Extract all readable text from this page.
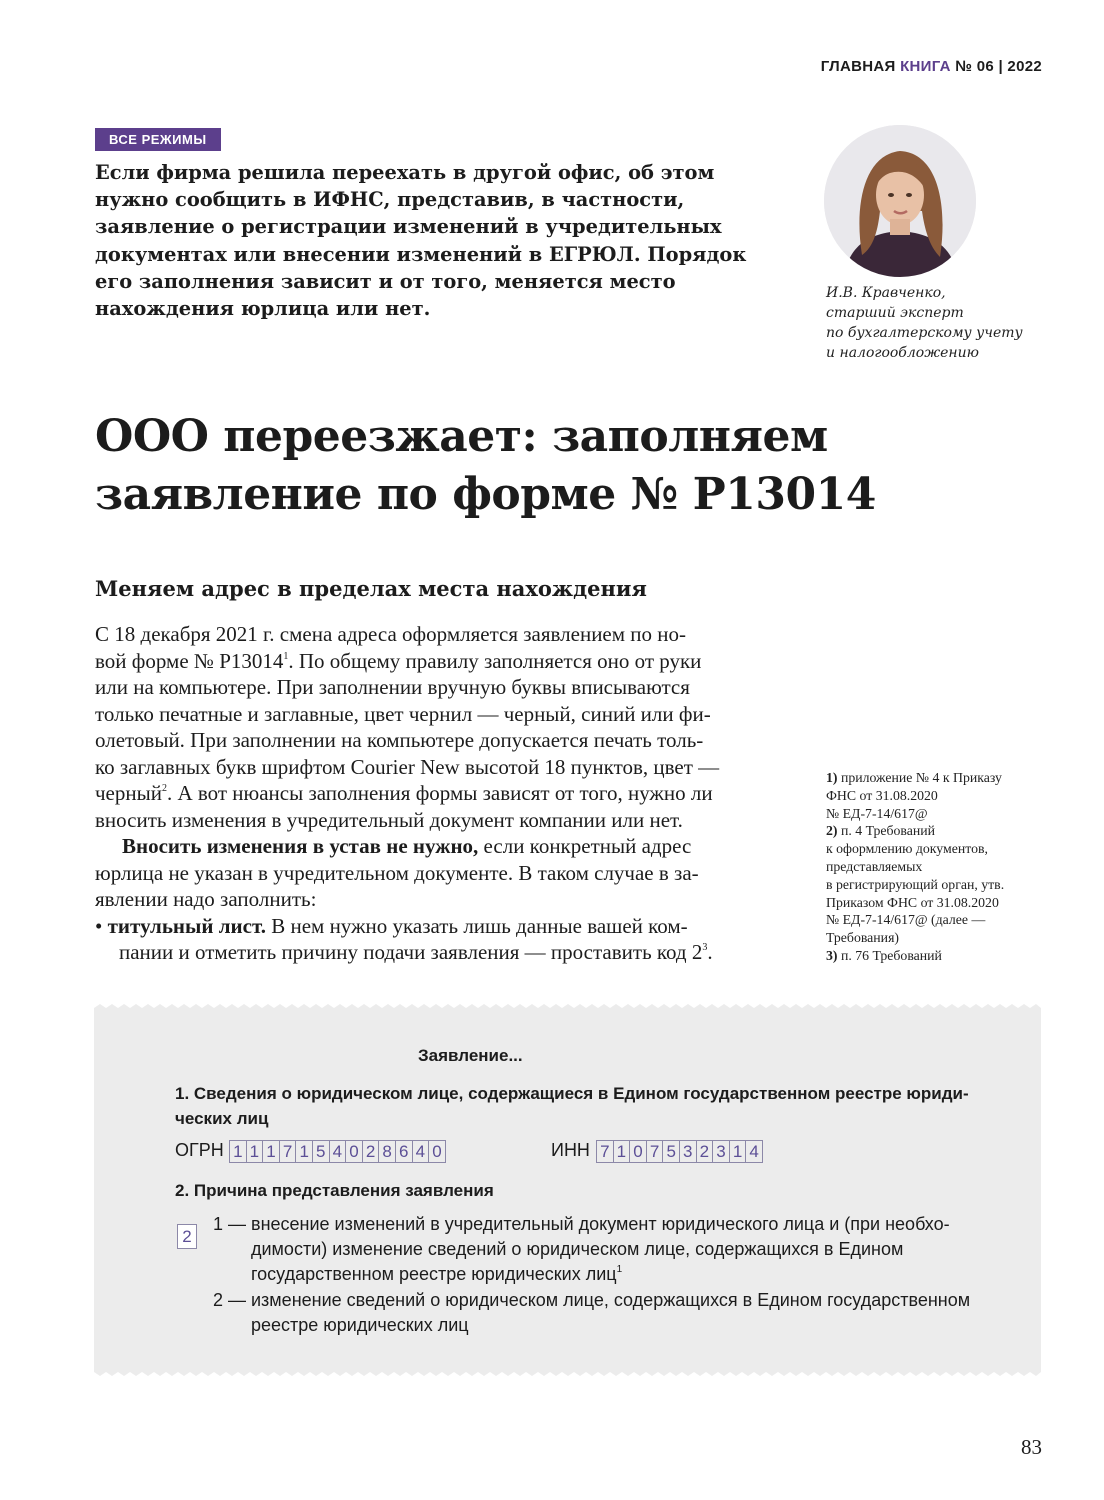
ГЛАВНАЯ КНИГА № 06 | 2022
ВСЕ РЕЖИМЫ
Если фирма решила переехать в другой офис, об этом
нужно сообщить в ИФНС, представив, в частности,
заявление о регистрации изменений в учредительных
документах или внесении изменений в ЕГРЮЛ. Порядок
его заполнения зависит и от того, меняется место
нахождения юрлица или нет.
И.В. Кравченко,
старший эксперт
по бухгалтерскому учету
и налогообложению
ООО переезжает: заполняем
заявление по форме № Р13014
Меняем адрес в пределах места нахождения
С 18 декабря 2021 г. смена адреса оформляется заявлением по но-
вой форме № Р13014$^1$. По общему правилу заполняется оно от руки
или на компьютере. При заполнении вручную буквы вписываются
только печатные и заглавные, цвет чернил — черный, синий или фи-
олетовый. При заполнении на компьютере допускается печать толь-
ко заглавных букв шрифтом Courier New высотой 18 пунктов, цвет —
черный$^2$. А вот нюансы заполнения формы зависят от того, нужно ли
вносить изменения в учредительный документ компании или нет.
Вносить изменения в устав не нужно, если конкретный адрес
юрлица не указан в учредительном документе. В таком случае в за-
явлении надо заполнить:
• титульный лист. В нем нужно указать лишь данные вашей ком-
пании и отметить причину подачи заявления — проставить код $2^3$.
1) приложение № 4 к Приказу
ФНС от 31.08.2020
№ ЕД-7-14/617@
2) п. 4 Требований
к оформлению документов,
представляемых
в регистрирующий орган, утв.
Приказом ФНС от 31.08.2020
№ ЕД-7-14/617@ (далее —
Требования)
3) п. 76 Требований
Заявление...
1. Сведения о юридическом лице, содержащиеся в Едином государственном реестре юриди-
ческих лиц
ОГРН 1 1 1 7 1 5 4 0 2 8 6 4 0	ИНН 7 1 0 7 5 3 2 3 1 4
2. Причина представления заявления
2
1 — внесение изменений в учредительный документ юридического лица и (при необхо-
димости) изменение сведений о юридическом лице, содержащихся в Едином
государственном реестре юридических лиц$^1$
2 — изменение сведений о юридическом лице, содержащихся в Едином государственном
реестре юридических лиц
83
